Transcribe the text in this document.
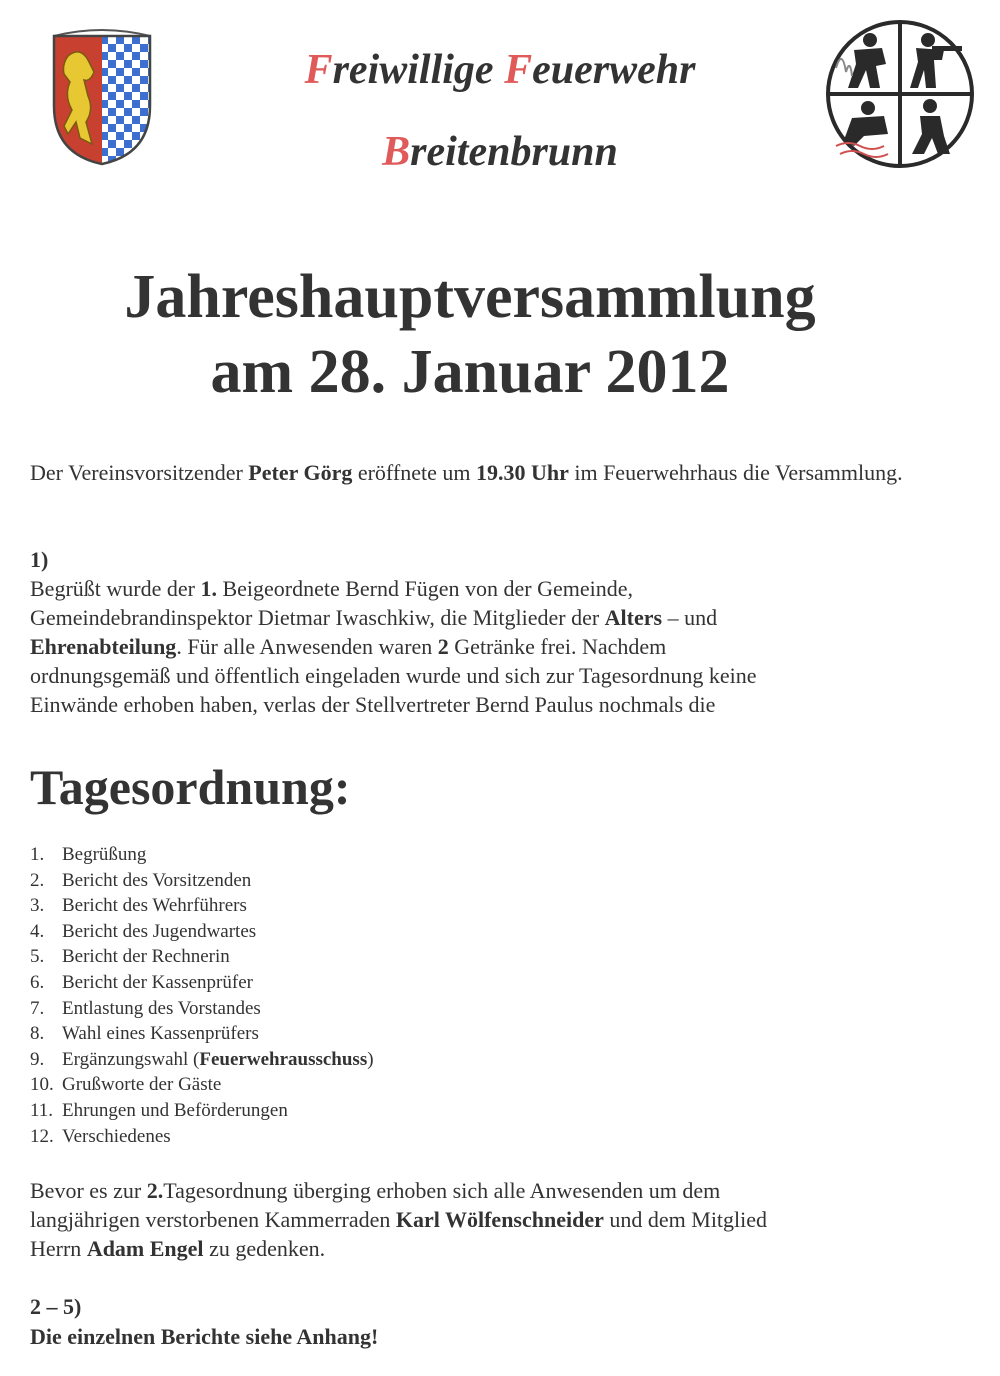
Freiwillige Feuerwehr
Breitenbrunn
Jahreshauptversammlung
am 28. Januar 2012
Der Vereinsvorsitzender Peter Görg eröffnete um 19.30 Uhr im Feuerwehrhaus die Versammlung.
1)
Begrüßt wurde der 1. Beigeordnete Bernd Fügen von der Gemeinde,
Gemeindebrandinspektor Dietmar Iwaschkiw, die Mitglieder der Alters – und
Ehrenabteilung. Für alle Anwesenden waren 2 Getränke frei. Nachdem
ordnungsgemäß und öffentlich eingeladen wurde und sich zur Tagesordnung keine
Einwände erhoben haben, verlas der Stellvertreter Bernd Paulus nochmals die
Tagesordnung:
1. Begrüßung
2. Bericht des Vorsitzenden
3. Bericht des Wehrführers
4. Bericht des Jugendwartes
5. Bericht der Rechnerin
6. Bericht der Kassenprüfer
7. Entlastung des Vorstandes
8. Wahl eines Kassenprüfers
9. Ergänzungswahl (Feuerwehrausschuss)
10. Grußworte der Gäste
11. Ehrungen und Beförderungen
12. Verschiedenes
Bevor es zur 2.Tagesordnung überging erhoben sich alle Anwesenden um dem
langjährigen verstorbenen Kammerraden Karl Wölfenschneider und dem Mitglied
Herrn Adam Engel zu gedenken.
2 – 5)
Die einzelnen Berichte siehe Anhang!
